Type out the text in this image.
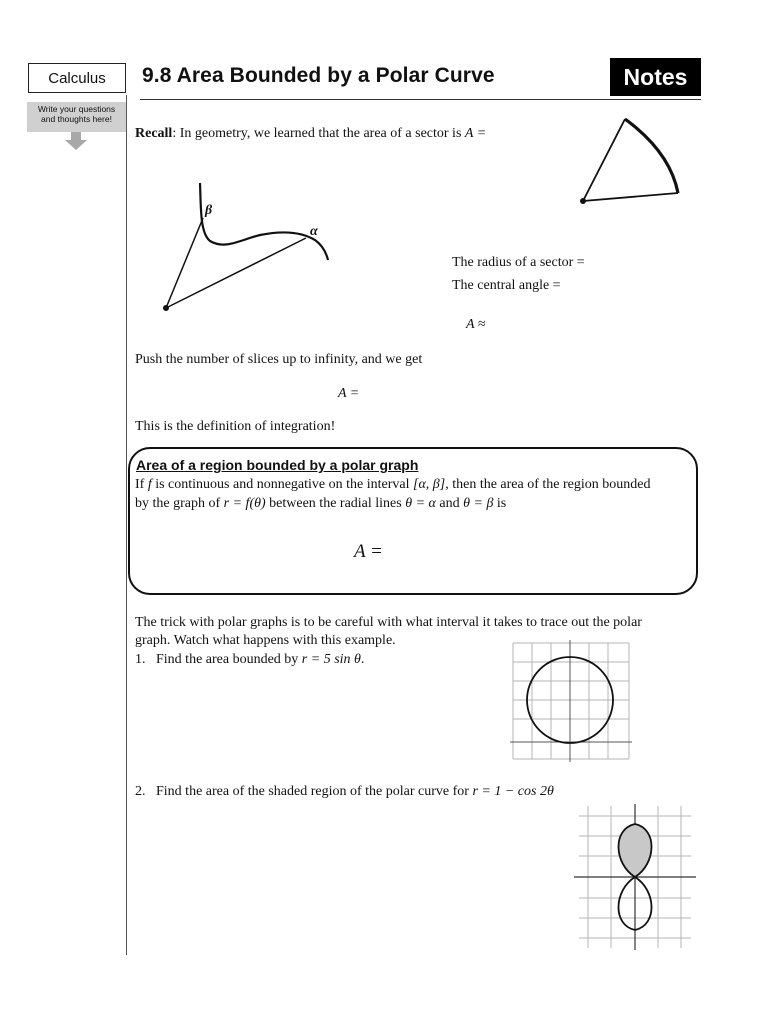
Calculus	9.8 Area Bounded by a Polar Curve	Notes
Write your questions
and thoughts here!
Recall: In geometry, we learned that the area of a sector is A =
β
α
The radius of a sector =
The central angle =
A ≈
Push the number of slices up to infinity, and we get
A =
This is the definition of integration!
Area of a region bounded by a polar graph
If f is continuous and nonnegative on the interval [α, β], then the area of the region bounded
by the graph of r = f(θ) between the radial lines θ = α and θ = β is
A =
The trick with polar graphs is to be careful with what interval it takes to trace out the polar
graph. Watch what happens with this example.
1. Find the area bounded by r = 5 sin θ.
2. Find the area of the shaded region of the polar curve for r = 1 − cos 2θ
